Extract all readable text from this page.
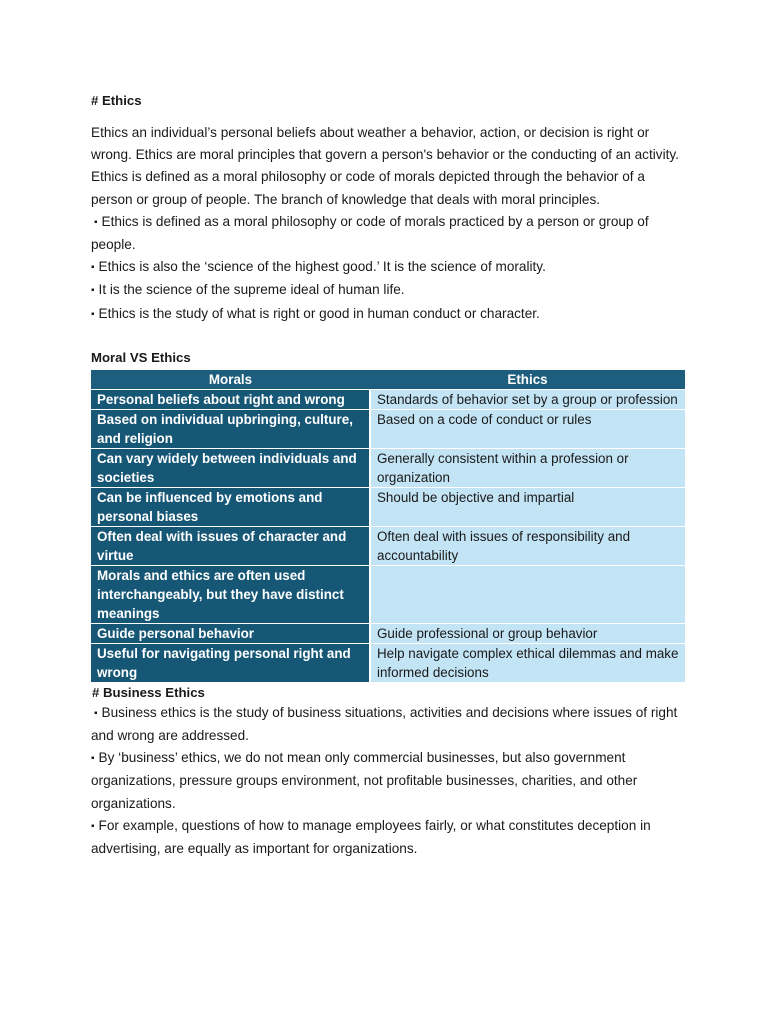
# Ethics

Ethics an individual’s personal beliefs about weather a behavior, action, or decision is right or wrong. Ethics are moral principles that govern a person's behavior or the conducting of an activity. Ethics is defined as a moral philosophy or code of morals depicted through the behavior of a person or group of people. The branch of knowledge that deals with moral principles.

▪ Ethics is defined as a moral philosophy or code of morals practiced by a person or group of people.

▪ Ethics is also the ‘science of the highest good.’ It is the science of morality.

▪ It is the science of the supreme ideal of human life.

▪ Ethics is the study of what is right or good in human conduct or character.

Moral VS Ethics

Morals	Ethics
Personal beliefs about right and wrong	Standards of behavior set by a group or profession
Based on individual upbringing, culture, and religion	Based on a code of conduct or rules
Can vary widely between individuals and societies	Generally consistent within a profession or organization
Can be influenced by emotions and personal biases	Should be objective and impartial
Often deal with issues of character and virtue	Often deal with issues of responsibility and accountability
Morals and ethics are often used interchangeably, but they have distinct meanings	
Guide personal behavior	Guide professional or group behavior
Useful for navigating personal right and wrong	Help navigate complex ethical dilemmas and make informed decisions

# Business Ethics

▪ Business ethics is the study of business situations, activities and decisions where issues of right and wrong are addressed.

▪ By ‘business’ ethics, we do not mean only commercial businesses, but also government organizations, pressure groups environment, not profitable businesses, charities, and other organizations.

▪ For example, questions of how to manage employees fairly, or what constitutes deception in advertising, are equally as important for organizations.
